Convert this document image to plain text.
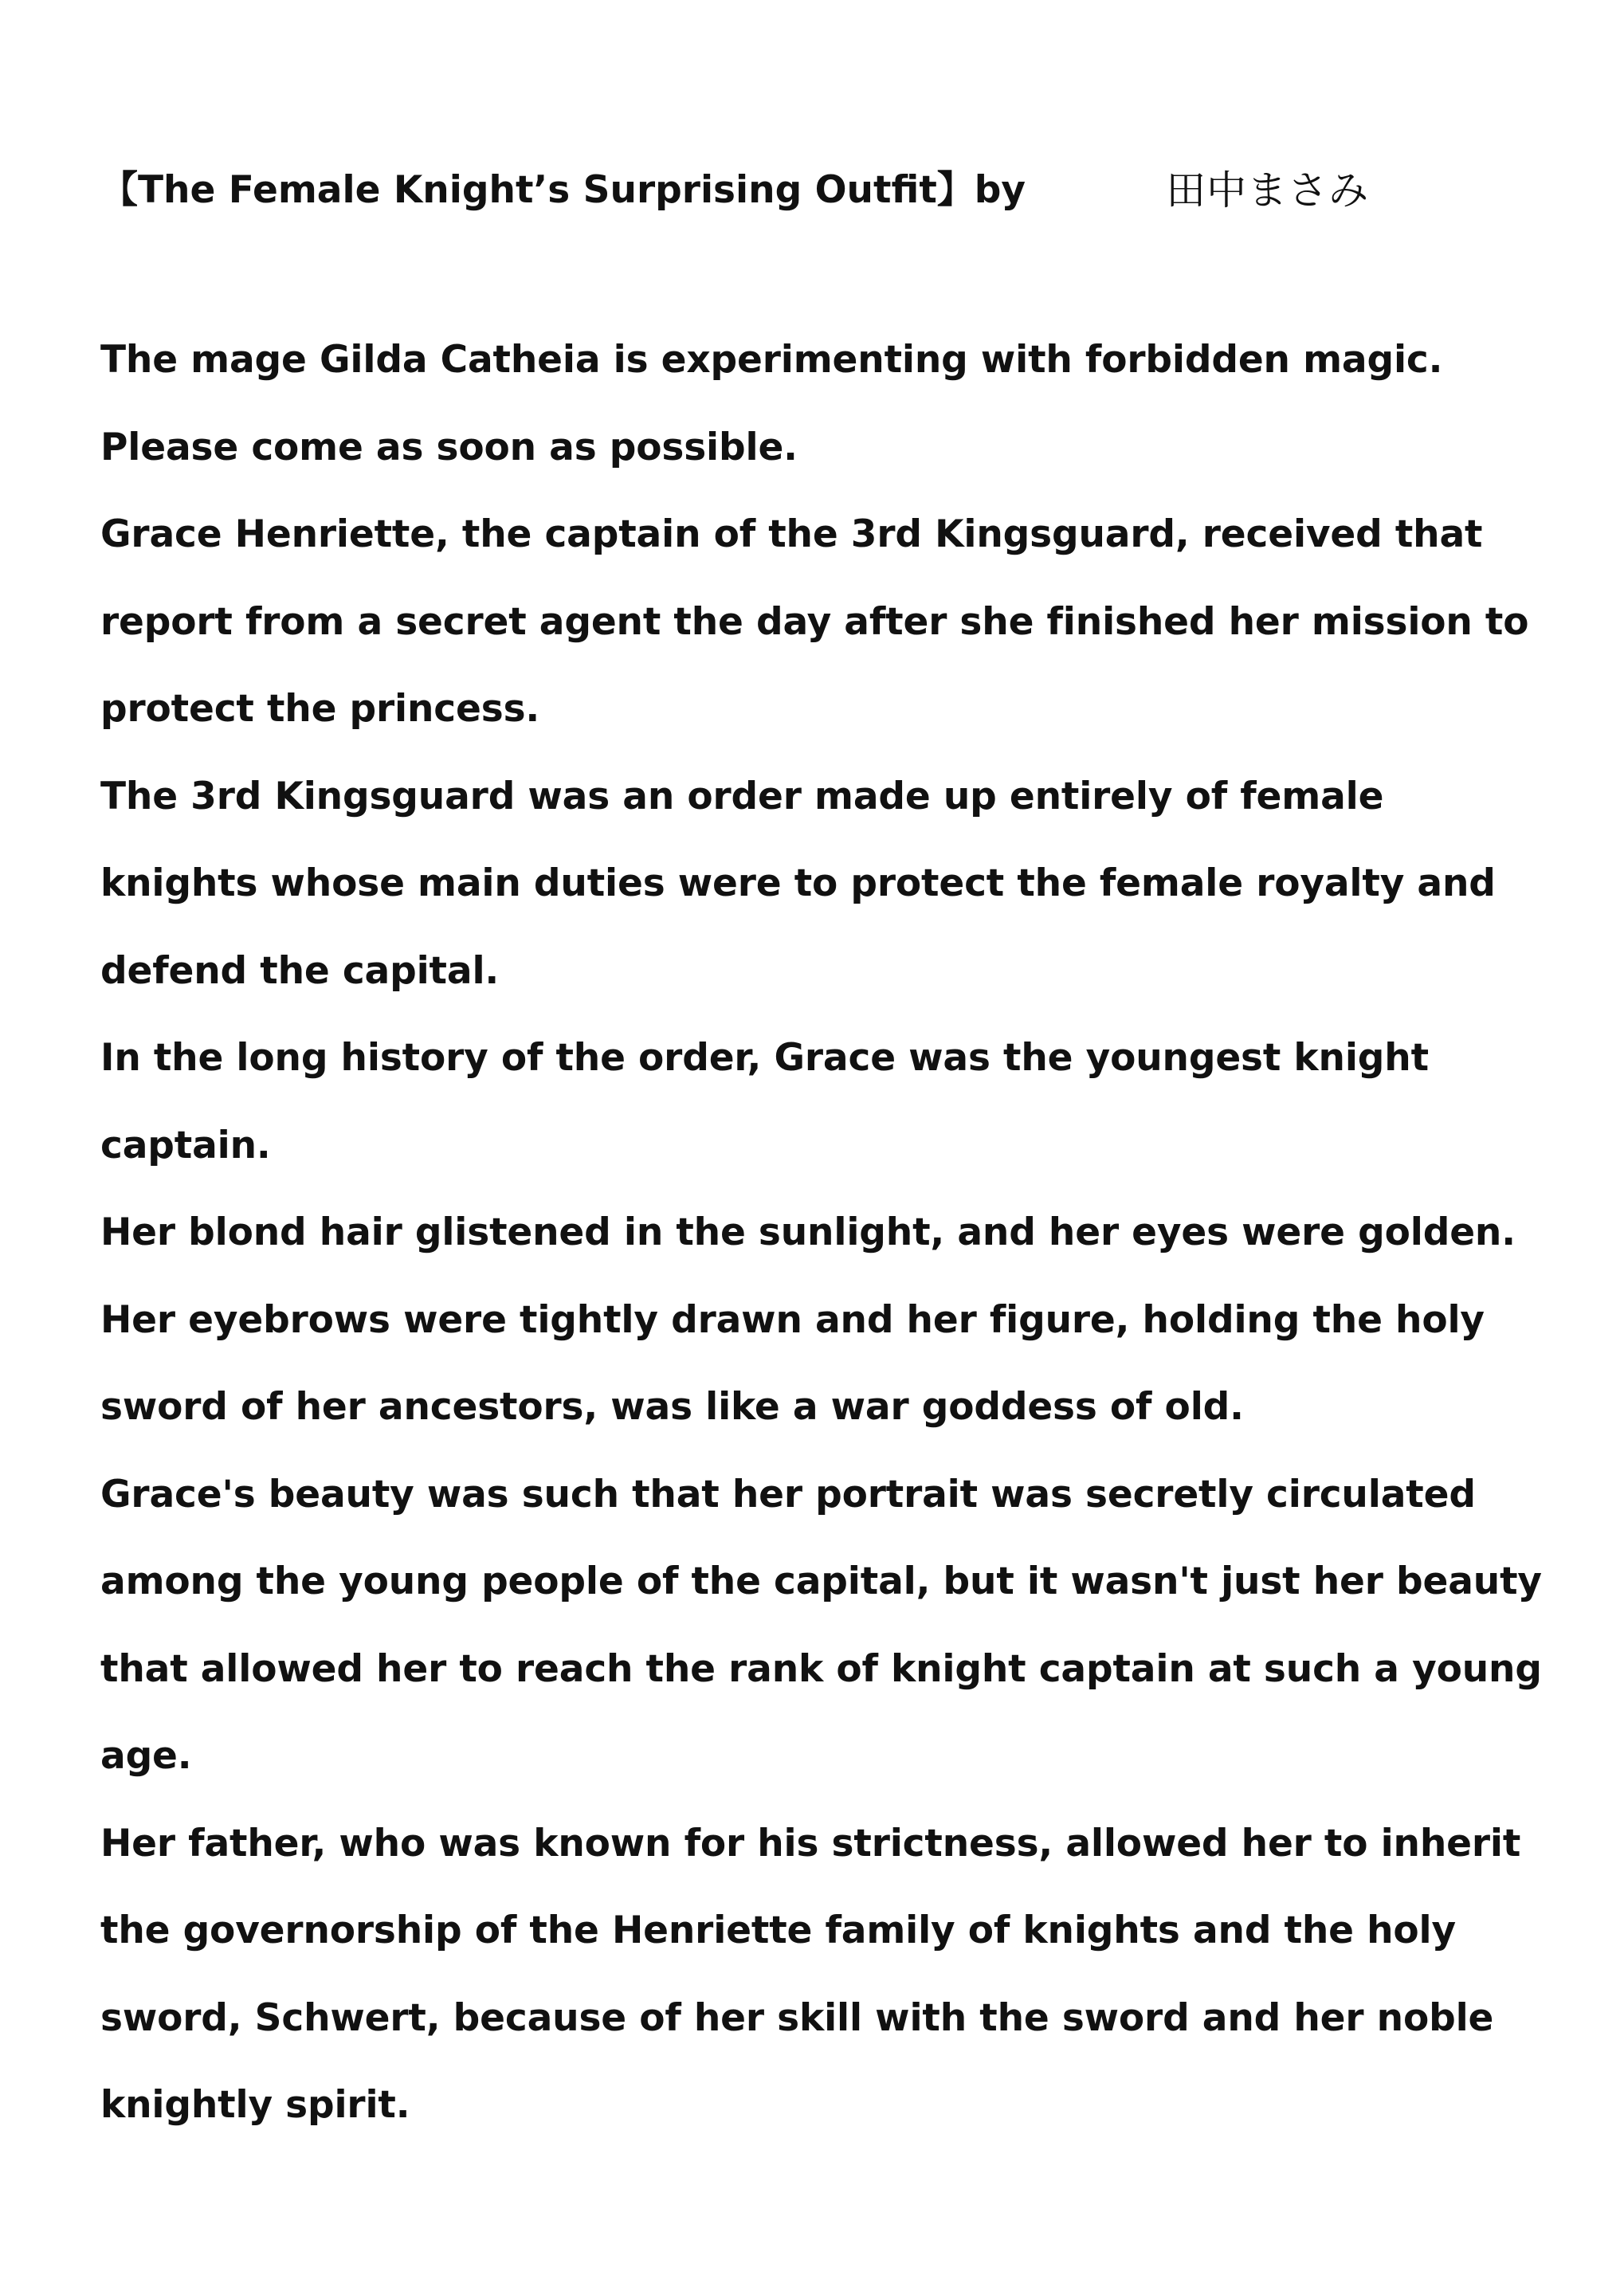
【The Female Knight’s Surprising Outfit】by	田中まさみ
The mage Gilda Catheia is experimenting with forbidden magic.
Please come as soon as possible.
Grace Henriette, the captain of the 3rd Kingsguard, received that
report from a secret agent the day after she finished her mission to
protect the princess.
The 3rd Kingsguard was an order made up entirely of female
knights whose main duties were to protect the female royalty and
defend the capital.
In the long history of the order, Grace was the youngest knight
captain.
Her blond hair glistened in the sunlight, and her eyes were golden.
Her eyebrows were tightly drawn and her figure, holding the holy
sword of her ancestors, was like a war goddess of old.
Grace's beauty was such that her portrait was secretly circulated
among the young people of the capital, but it wasn't just her beauty
that allowed her to reach the rank of knight captain at such a young
age.
Her father, who was known for his strictness, allowed her to inherit
the governorship of the Henriette family of knights and the holy
sword, Schwert, because of her skill with the sword and her noble
knightly spirit.
